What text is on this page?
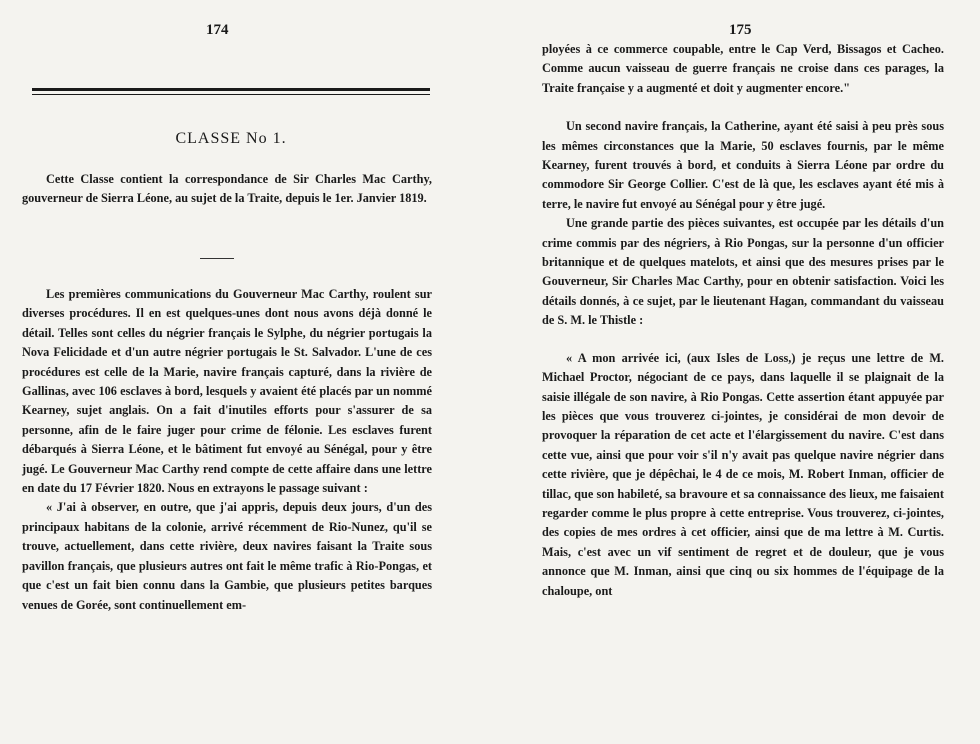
174
CLASSE No 1.

Cette Classe contient la correspondance de Sir Charles Mac Carthy, gouverneur de Sierra Léone, au sujet de la Traite, depuis le 1er. Janvier 1819.

Les premières communications du Gouverneur Mac Carthy, roulent sur diverses procédures. Il en est quelques-unes dont nous avons déjà donné le détail. Telles sont celles du négrier français le Sylphe, du négrier portugais la Nova Felicidade et d'un autre négrier portugais le St. Salvador. L'une de ces procédures est celle de la Marie, navire français capturé, dans la rivière de Gallinas, avec 106 esclaves à bord, lesquels y avaient été placés par un nommé Kearney, sujet anglais. On a fait d'inutiles efforts pour s'assurer de sa personne, afin de le faire juger pour crime de félonie. Les esclaves furent débarqués à Sierra Léone, et le bâtiment fut envoyé au Sénégal, pour y être jugé. Le Gouverneur Mac Carthy rend compte de cette affaire dans une lettre en date du 17 Février 1820. Nous en extrayons le passage suivant :

« J'ai à observer, en outre, que j'ai appris, depuis deux jours, d'un des principaux habitans de la colonie, arrivé récemment de Rio-Nunez, qu'il se trouve, actuellement, dans cette rivière, deux navires faisant la Traite sous pavillon français, que plusieurs autres ont fait le même trafic à Rio-Pongas, et que c'est un fait bien connu dans la Gambie, que plusieurs petites barques venues de Gorée, sont continuellement em-

175

ployées à ce commerce coupable, entre le Cap Verd, Bissagos et Cacheo. Comme aucun vaisseau de guerre français ne croise dans ces parages, la Traite française y a augmenté et doit y augmenter encore."

Un second navire français, la Catherine, ayant été saisi à peu près sous les mêmes circonstances que la Marie, 50 esclaves fournis, par le même Kearney, furent trouvés à bord, et conduits à Sierra Léone par ordre du commodore Sir George Collier. C'est de là que, les esclaves ayant été mis à terre, le navire fut envoyé au Sénégal pour y être jugé.

Une grande partie des pièces suivantes, est occupée par les détails d'un crime commis par des négriers, à Rio Pongas, sur la personne d'un officier britannique et de quelques matelots, et ainsi que des mesures prises par le Gouverneur, Sir Charles Mac Carthy, pour en obtenir satisfaction. Voici les détails donnés, à ce sujet, par le lieutenant Hagan, commandant du vaisseau de S. M. le Thistle :

« A mon arrivée ici, (aux Isles de Loss,) je reçus une lettre de M. Michael Proctor, négociant de ce pays, dans laquelle il se plaignait de la saisie illégale de son navire, à Rio Pongas. Cette assertion étant appuyée par les pièces que vous trouverez ci-jointes, je considérai de mon devoir de provoquer la réparation de cet acte et l'élargissement du navire. C'est dans cette vue, ainsi que pour voir s'il n'y avait pas quelque navire négrier dans cette rivière, que je dépêchai, le 4 de ce mois, M. Robert Inman, officier de tillac, que son habileté, sa bravoure et sa connaissance des lieux, me faisaient regarder comme le plus propre à cette entreprise. Vous trouverez, ci-jointes, des copies de mes ordres à cet officier, ainsi que de ma lettre à M. Curtis. Mais, c'est avec un vif sentiment de regret et de douleur, que je vous annonce que M. Inman, ainsi que cinq ou six hommes de l'équipage de la chaloupe, ont
